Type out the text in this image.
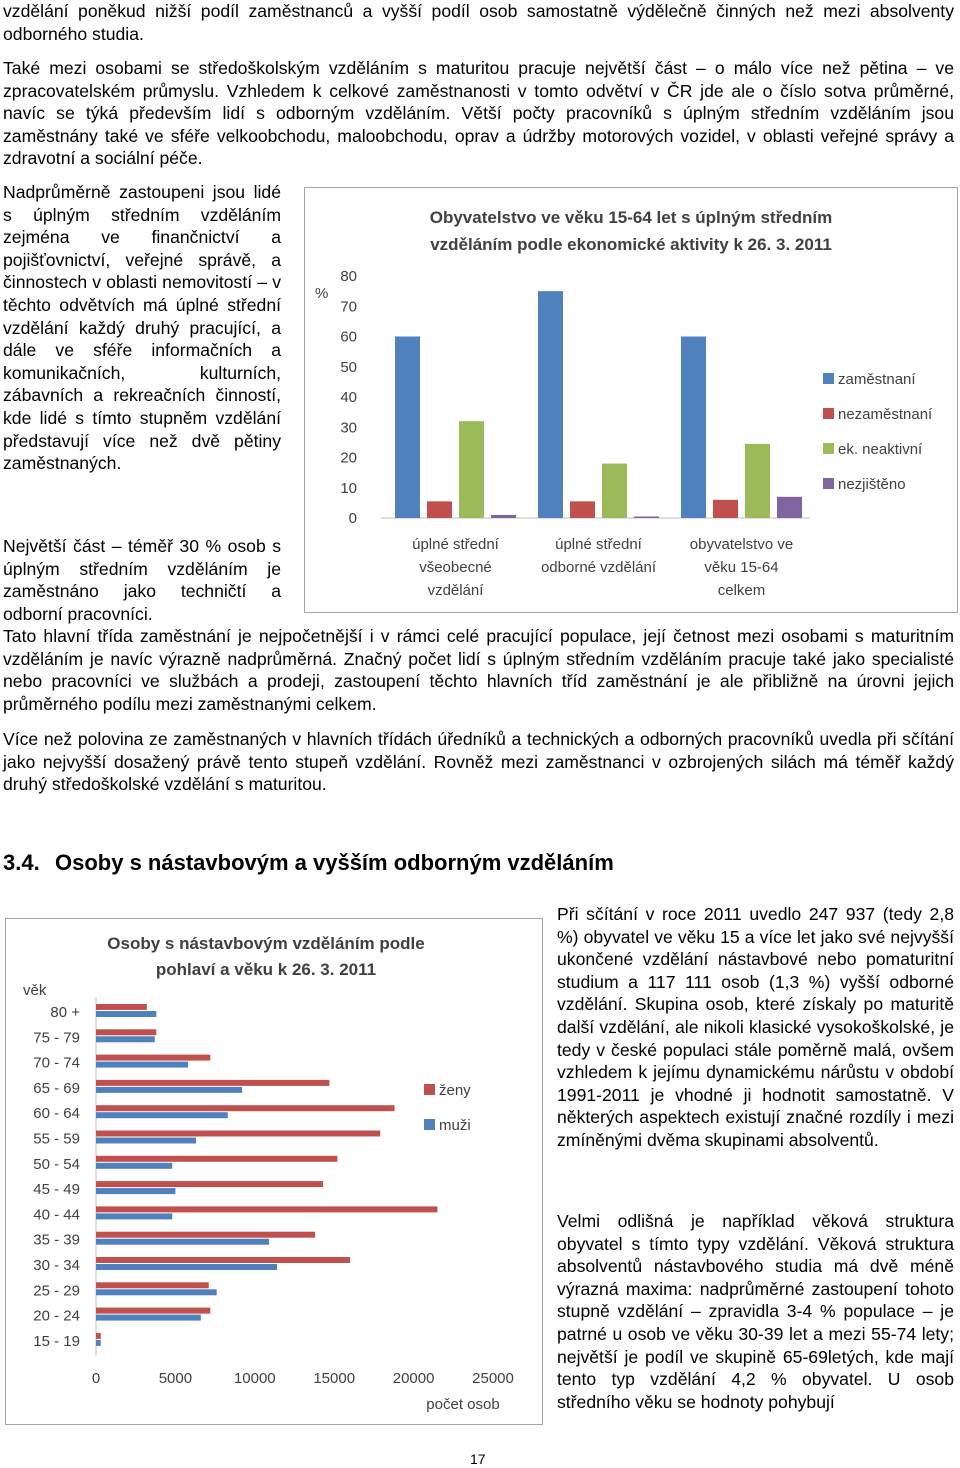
vzdělání poněkud nižší podíl zaměstnanců a vyšší podíl osob samostatně výdělečně činných než mezi absolventy odborného studia.

Také mezi osobami se středoškolským vzděláním s maturitou pracuje největší část – o málo více než pětina – ve zpracovatelském průmyslu. Vzhledem k celkové zaměstnanosti v tomto odvětví v ČR jde ale o číslo sotva průměrné, navíc se týká především lidí s odborným vzděláním. Větší počty pracovníků s úplným středním vzděláním jsou zaměstnány také ve sféře velkoobchodu, maloobchodu, oprav a údržby motorových vozidel, v oblasti veřejné správy a zdravotní a sociální péče.

Nadprůměrně zastoupeni jsou lidé s úplným středním vzděláním zejména ve finančnictví a pojišťovnictví, veřejné správě, a činnostech v oblasti nemovitostí – v těchto odvětvích má úplné střední vzdělání každý druhý pracující, a dále ve sféře informačních a komunikačních, kulturních, zábavních a rekreačních činností, kde lidé s tímto stupněm vzdělání představují více než dvě pětiny zaměstnaných.

Největší část – téměř 30 % osob s úplným středním vzděláním je zaměstnáno jako techničtí a odborní pracovníci.

Obyvatelstvo ve věku 15-64 let s úplným středním
vzděláním podle ekonomické aktivity k 26. 3. 2011
%
0
10
20
30
40
50
60
70
80
úplné střední
všeobecné
vzdělání
úplné střední
odborné vzdělání
obyvatelstvo ve
věku 15-64
celkem
zaměstnaní
nezaměstnaní
ek. neaktivní
nezjištěno

Tato hlavní třída zaměstnání je nejpočetnější i v rámci celé pracující populace, její četnost mezi osobami s maturitním vzděláním je navíc výrazně nadprůměrná. Značný počet lidí s úplným středním vzděláním pracuje také jako specialisté nebo pracovníci ve službách a prodeji, zastoupení těchto hlavních tříd zaměstnání je ale přibližně na úrovni jejich průměrného podílu mezi zaměstnanými celkem.

Více než polovina ze zaměstnaných v hlavních třídách úředníků a technických a odborných pracovníků uvedla při sčítání jako nejvyšší dosažený právě tento stupeň vzdělání. Rovněž mezi zaměstnanci v ozbrojených silách má téměř každý druhý středoškolské vzdělání s maturitou.

3.4. Osoby s nástavbovým a vyšším odborným vzděláním
Osoby s nástavbovým vzděláním podle
pohlaví a věku k 26. 3. 2011
věk
80 +
75 - 79
70 - 74
65 - 69
60 - 64
55 - 59
50 - 54
45 - 49
40 - 44
35 - 39
30 - 34
25 - 29
20 - 24
15 - 19
0	5000	10000	15000	20000	25000
počet osob
ženy
muži

Při sčítání v roce 2011 uvedlo 247 937 (tedy 2,8 %) obyvatel ve věku 15 a více let jako své nejvyšší ukončené vzdělání nástavbové nebo pomaturitní studium a 117 111 osob (1,3 %) vyšší odborné vzdělání. Skupina osob, které získaly po maturitě další vzdělání, ale nikoli klasické vysokoškolské, je tedy v české populaci stále poměrně malá, ovšem vzhledem k jejímu dynamickému nárůstu v období 1991-2011 je vhodné ji hodnotit samostatně. V některých aspektech existují značné rozdíly i mezi zmíněnými dvěma skupinami absolventů.

Velmi odlišná je například věková struktura obyvatel s tímto typy vzdělání. Věková struktura absolventů nástavbového studia má dvě méně výrazná maxima: nadprůměrné zastoupení tohoto stupně vzdělání – zpravidla 3-4 % populace – je patrné u osob ve věku 30-39 let a mezi 55-74 lety; největší je podíl ve skupině 65-69letých, kde mají tento typ vzdělání 4,2 % obyvatel. U osob středního věku se hodnoty pohybují

17
